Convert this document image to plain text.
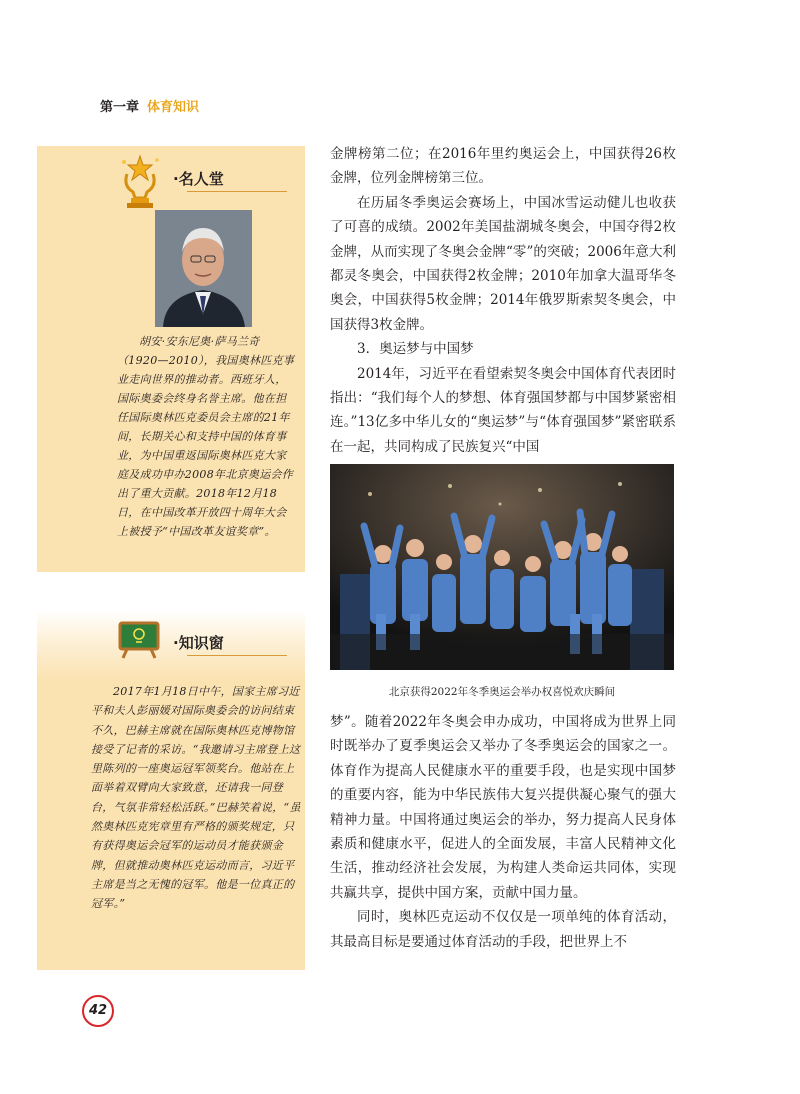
第一章 体育知识
·名人堂

胡安·安东尼奥·萨马兰奇（1920—2010），我国奥林匹克事业走向世界的推动者。西班牙人，国际奥委会终身名誉主席。他在担任国际奥林匹克委员会主席的21年间，长期关心和支持中国的体育事业，为中国重返国际奥林匹克大家庭及成功申办2008年北京奥运会作出了重大贡献。2018年12月18日，在中国改革开放四十周年大会上被授予“中国改革友谊奖章”。

·知识窗

2017年1月18日中午，国家主席习近平和夫人彭丽媛对国际奥委会的访问结束不久，巴赫主席就在国际奥林匹克博物馆接受了记者的采访。“我邀请习主席登上这里陈列的一座奥运冠军领奖台。他站在上面举着双臂向大家致意，还请我一同登台，气氛非常轻松活跃。”巴赫笑着说，“虽然奥林匹克宪章里有严格的颁奖规定，只有获得奥运会冠军的运动员才能获颁金牌，但就推动奥林匹克运动而言，习近平主席是当之无愧的冠军。他是一位真正的冠军。”

金牌榜第二位；在2016年里约奥运会上，中国获得26枚金牌，位列金牌榜第三位。

在历届冬季奥运会赛场上，中国冰雪运动健儿也收获了可喜的成绩。2002年美国盐湖城冬奥会，中国夺得2枚金牌，从而实现了冬奥会金牌“零”的突破；2006年意大利都灵冬奥会，中国获得2枚金牌；2010年加拿大温哥华冬奥会，中国获得5枚金牌；2014年俄罗斯索契冬奥会，中国获得3枚金牌。

3．奥运梦与中国梦

2014年，习近平在看望索契冬奥会中国体育代表团时指出：“我们每个人的梦想、体育强国梦都与中国梦紧密相连。”13亿多中华儿女的“奥运梦”与“体育强国梦”紧密联系在一起，共同构成了民族复兴“中国

北京获得2022年冬季奥运会举办权喜悦欢庆瞬间

梦”。随着2022年冬奥会申办成功，中国将成为世界上同时既举办了夏季奥运会又举办了冬季奥运会的国家之一。体育作为提高人民健康水平的重要手段，也是实现中国梦的重要内容，能为中华民族伟大复兴提供凝心聚气的强大精神力量。中国将通过奥运会的举办，努力提高人民身体素质和健康水平，促进人的全面发展，丰富人民精神文化生活，推动经济社会发展，为构建人类命运共同体，实现共赢共享，提供中国方案，贡献中国力量。

同时，奥林匹克运动不仅仅是一项单纯的体育活动，其最高目标是要通过体育活动的手段，把世界上不

42
